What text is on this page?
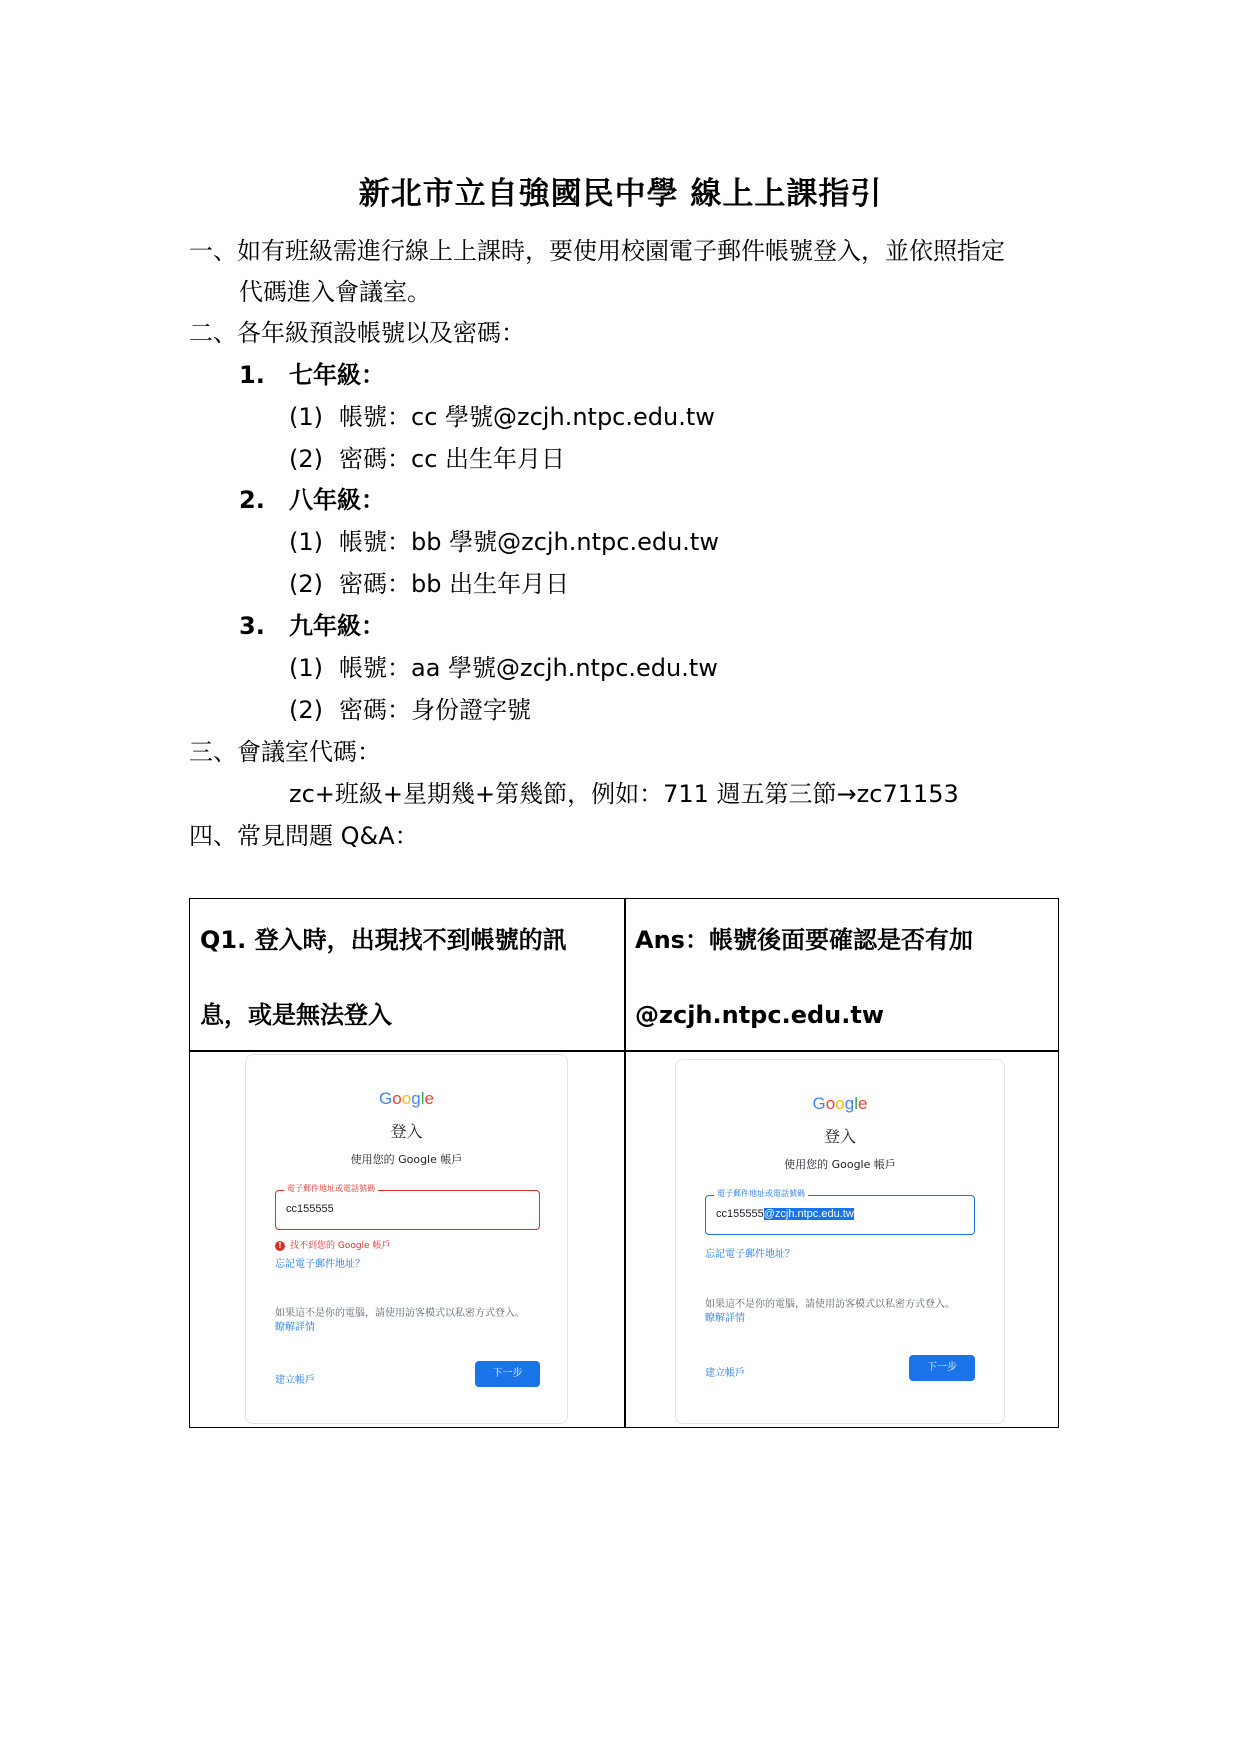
新北市立自強國民中學 線上上課指引
一、如有班級需進行線上上課時，要使用校園電子郵件帳號登入，並依照指定
代碼進入會議室。
二、各年級預設帳號以及密碼：
1. 七年級：
(1) 帳號：cc 學號@zcjh.ntpc.edu.tw
(2) 密碼：cc 出生年月日
2. 八年級：
(1) 帳號：bb 學號@zcjh.ntpc.edu.tw
(2) 密碼：bb 出生年月日
3. 九年級：
(1) 帳號：aa 學號@zcjh.ntpc.edu.tw
(2) 密碼：身份證字號
三、會議室代碼：
zc+班級+星期幾+第幾節，例如：711 週五第三節→zc71153
四、常見問題 Q&A：
Q1. 登入時，出現找不到帳號的訊
息，或是無法登入
Ans：帳號後面要確認是否有加
@zcjh.ntpc.edu.tw
Google
登入
使用您的 Google 帳戶
電子郵件地址或電話號碼
cc155555
! 找不到您的 Google 帳戶
忘記電子郵件地址？
如果這不是你的電腦，請使用訪客模式以私密方式登入。 瞭解詳情
建立帳戶
下一步
Google
登入
使用您的 Google 帳戶
電子郵件地址或電話號碼
cc155555@zcjh.ntpc.edu.tw
忘記電子郵件地址？
如果這不是你的電腦，請使用訪客模式以私密方式登入。 瞭解詳情
建立帳戶
下一步
